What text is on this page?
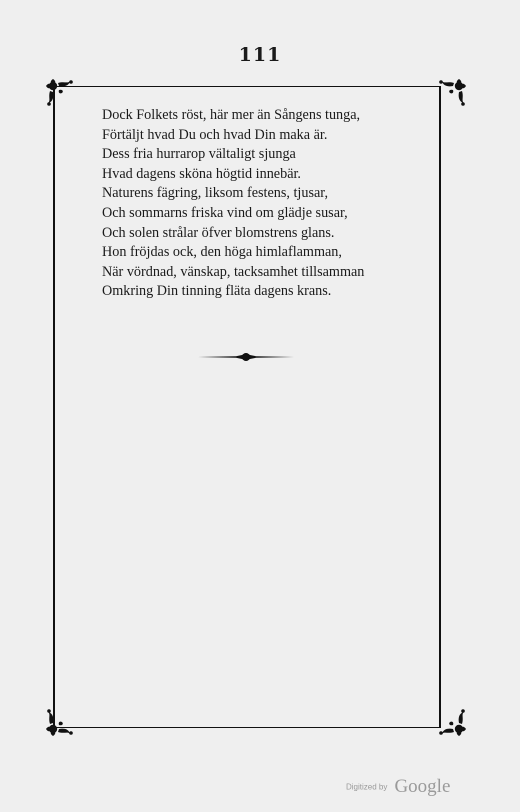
111
Dock Folkets röst, här mer än Sångens tunga,
Förtäljt hvad Du och hvad Din maka är.
Dess fria hurrarop vältaligt sjunga
Hvad dagens sköna högtid innebär.
Naturens fägring, liksom festens, tjusar,
Och sommarns friska vind om glädje susar,
Och solen strålar öfver blomstrens glans.
Hon fröjdas ock, den höga himlaflamman,
När vördnad, vänskap, tacksamhet tillsamman
Omkring Din tinning fläta dagens krans.
Digitized by Google
